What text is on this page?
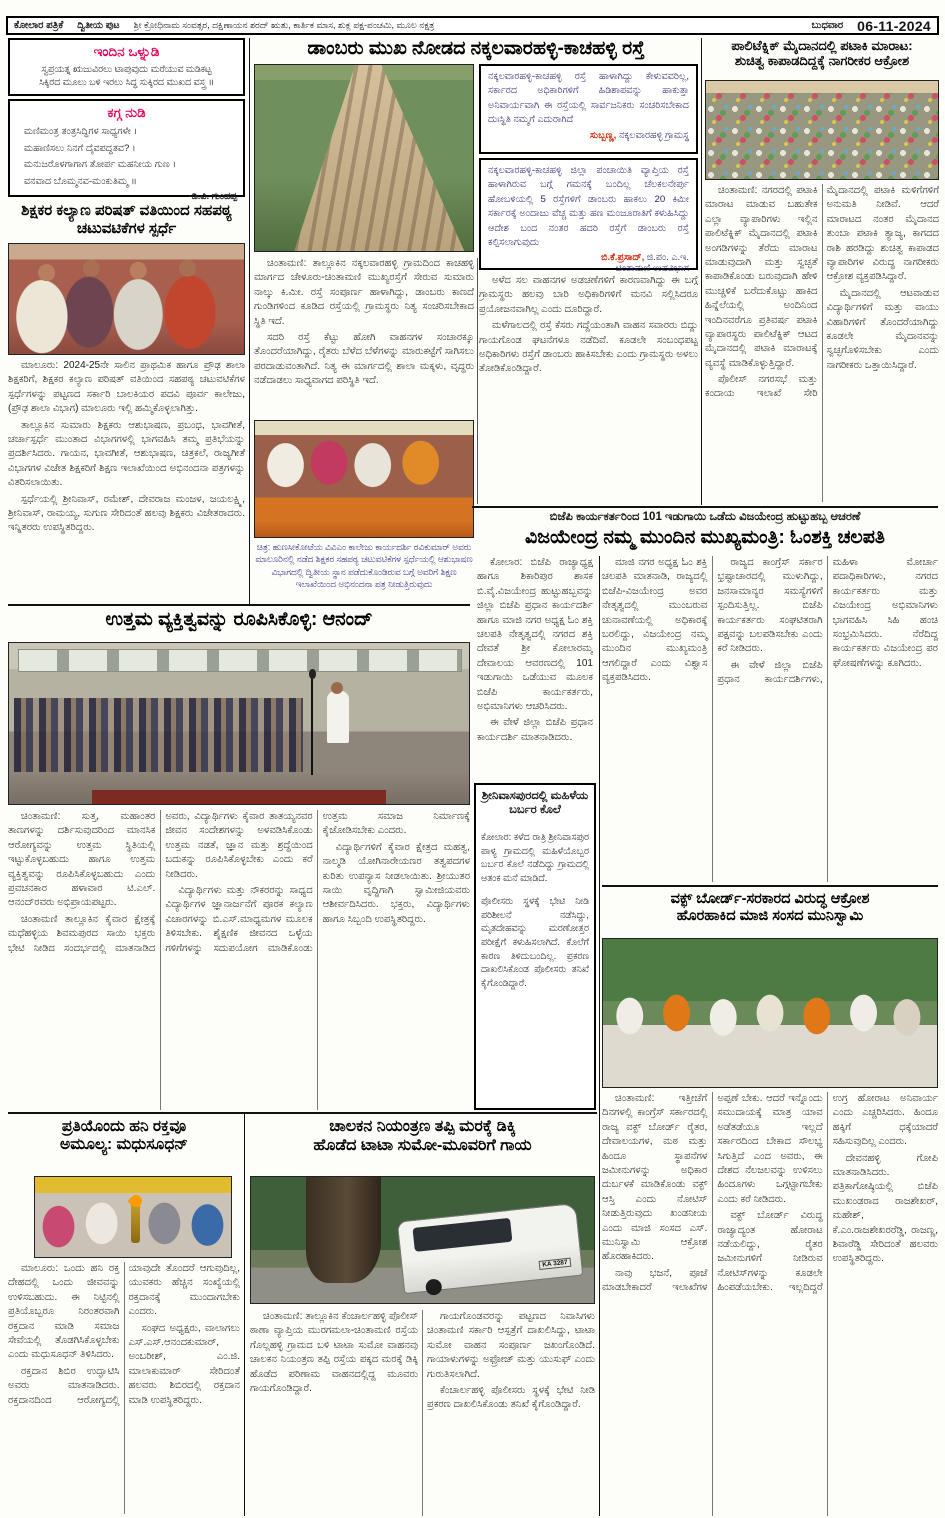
ಕೋಲಾರ ಪತ್ರಿಕೆ ದ್ವಿತೀಯ ಪುಟ ಶ್ರೀ ಕ್ರೋಧಿನಾಮ ಸಂವತ್ಸರ, ದಕ್ಷಿಣಾಯನ ಶರದ್ ಋತು, ಕಾರ್ತಿಕ ಮಾಸ, ಶುಕ್ಲ ಪಕ್ಷ-ಪಂಚಮಿ, ಮೂಲ ನಕ್ಷತ್ರ	ಬುಧವಾರ 06-11-2024
ಇಂದಿನ ಒಳ್ನುಡಿ
ಸ್ವಪ್ರಯತ್ನ ಋಜುವಿರಲು ಟಾಪುವುದು ಮರೆಯುವ ಮಡಿಕಟ್ಟ
ಸಿಕ್ಕಿರದ ಮೂಲು ಬಳಿ ಇರಲು ಸಿದ್ಧ ಸುಕ್ಕಿರದ ಮುಖದ ವಸ್ತ್ರ ॥
ಕಗ್ಗ ನುಡಿ
ಮಣಿಮಂತ್ರ ತಂತ್ರಸಿದ್ಧಿಗಳ ಸಾಧ್ಯಗಳೇ ।
ಮಹಾಣಿಸಲು ನಿನಗೆ ದೈವಪದ್ಧತವ? ।
ಮನುಜರೊಳಗಾಗಾಗ ತೋರ್ಪ ಮಹನೀಯ ಗುಣ ।
ವನವಾದ ಬೊಮ್ಮನವ-ಮಂಕುತಿಮ್ಮ ॥
-ಡಿ.ವಿ. ಗುಂಡಪ್ಪ
ಶಿಕ್ಷಕರ ಕಲ್ಯಾಣ ಪರಿಷತ್ ವತಿಯಿಂದ ಸಹಪಠ್ಯ ಚಟುವಟಿಕೆಗಳ ಸ್ಪರ್ಧೆ

ಮಾಲೂರು: 2024-25ನೇ ಸಾಲಿನ ಪ್ರಾಥಮಿಕ ಹಾಗೂ ಪ್ರೌಢ ಶಾಲಾ ಶಿಕ್ಷಕರಿಗೆ, ಶಿಕ್ಷಕರ ಕಲ್ಯಾಣ ಪರಿಷತ್ ವತಿಯಿಂದ ಸಹಪಠ್ಯ ಚಟುವಟಿಕೆಗಳ ಸ್ಪರ್ಧೆಗಳನ್ನು ಪಟ್ಟಣದ ಸರ್ಕಾರಿ ಬಾಲಕಿಯರ ಪದವಿ ಪೂರ್ವ ಕಾಲೇಜು, (ಪ್ರೌಢ ಶಾಲಾ ವಿಭಾಗ) ಮಾಲೂರು ಇಲ್ಲಿ ಹಮ್ಮಿಕೊಳ್ಳಲಾಗಿತ್ತು.

ತಾಲ್ಲೂಕಿನ ಸುಮಾರು ಶಿಕ್ಷಕರು ಆಶುಭಾಷಣ, ಪ್ರಬಂಧ, ಭಾವಗೀತೆ, ಚರ್ಚಾಸ್ಪರ್ಧೆ ಮುಂತಾದ ವಿಭಾಗಗಳಲ್ಲಿ ಭಾಗವಹಿಸಿ ತಮ್ಮ ಪ್ರತಿಭೆಯನ್ನು ಪ್ರದರ್ಶಿಸಿದರು. ಗಾಯನ, ಭಾವಗೀತೆ, ಆಶುಭಾಷಣ, ಚಿತ್ರಕಲೆ, ರಾಜ್ಯಗೀತೆ ವಿಭಾಗಗಳ ವಿಜೇತ ಶಿಕ್ಷಕರಿಗೆ ಶಿಕ್ಷಣ ಇಲಾಖೆಯಿಂದ ಅಭಿನಂದನಾ ಪತ್ರಗಳನ್ನು ವಿತರಿಸಲಾಯಿತು.

ಸ್ಪರ್ಧೆಯಲ್ಲಿ ಶ್ರೀನಿವಾಸ್, ರಮೇಶ್, ದೇವರಾಜ ಮಂಜಳ, ಜಯಲಕ್ಷ್ಮಿ, ಶ್ರೀನಿವಾಸ್, ರಾಮಯ್ಯ, ಸುಗುಣ ಸೇರಿದಂತೆ ಹಲವು ಶಿಕ್ಷಕರು ವಿಜೇತರಾದರು. ಇನ್ನಿತರರು ಉಪಸ್ಥಿತರಿದ್ದರು.

ಡಾಂಬರು ಮುಖ ನೋಡದ ನಕ್ಕಲವಾರಹಳ್ಳಿ-ಕಾಚಹಳ್ಳಿ ರಸ್ತೆ
ನಕ್ಕಲವಾರಹಳ್ಳಿ-ಕಾಚಹಳ್ಳಿ ರಸ್ತೆ ಹಾಳಾಗಿದ್ದು ಕೇಳುವವರಿಲ್ಲ, ಸರ್ಕಾರದ ಅಧಿಕಾರಿಗಳಿಗೆ ಹಿಡಿಶಾಪವನ್ನು ಹಾಕುತ್ತಾ ಅನಿವಾರ್ಯವಾಗಿ ಈ ರಸ್ತೆಯಲ್ಲಿ ಸಾರ್ವಜನಿಕರು ಸಂಚರಿಸಬೇಕಾದ ದುಃಸ್ಥಿತಿ ನಮ್ಮಗೆ ಎದುರಾಗಿದೆ
ಸುಬ್ಬಣ್ಣ, ನಕ್ಕಲವಾರಹಳ್ಳಿ ಗ್ರಾಮಸ್ಥ
ನಕ್ಕಲವಾರಹಳ್ಳಿ-ಕಾಚಹಳ್ಳಿ ಜಿಲ್ಲಾ ಪಂಚಾಯಿತಿ ವ್ಯಾಪ್ತಿಯ ರಸ್ತೆ ಹಾಳಾಗಿರುವ ಬಗ್ಗೆ ಗಮನಕ್ಕೆ ಬಂದಿಲ್ಲ ಚೆಲಕಲನೇರ್ಪು ಹೋಬಳಿಯಲ್ಲಿ 5 ರಸ್ತೆಗಳಿಗೆ ಡಾಂಬರು ಹಾಕಲು 20 ಕಿಮೀ ಸರ್ಕಾರಕ್ಕೆ ಅಂದಾಜು ವೆಚ್ಚ ಮತ್ತು ಹಣ ಮಂಜೂರಾತಿಗೆ ಕಳುಹಿಸಿದ್ದು ಆದೇಶ ಬಂದ ನಂತರ ಹದರಿ ರಸ್ತೆಗೆ ಡಾಂಬರು ರಸ್ತೆ ಕಲ್ಪಿಸಲಾಗುವುದು
ಬಿ.ಕೆ.ಪ್ರಸಾದ್, ಜಿ.ಪಂ. ಎ.ಇ.
ಚಿಂತಾಮಣಿ ಉಪವಿಭಾಗ

ಚಿಂತಾಮಣಿ: ತಾಲ್ಲೂಕಿನ ನಕ್ಕಲವಾರಹಳ್ಳಿ ಗ್ರಾಮದಿಂದ ಕಾಚಹಳ್ಳಿ ಮಾರ್ಗದ ಚೇಳೂರು-ಚಿಂತಾಮಣಿ ಮುಖ್ಯರಸ್ತೆಗೆ ಸೇರುವ ಸುಮಾರು ನಾಲ್ಕು ಕಿ.ಮೀ. ರಸ್ತೆ ಸಂಪೂರ್ಣ ಹಾಳಾಗಿದ್ದು, ಡಾಂಬರು ಕಾಣದೆ ಗುಂಡಿಗಳಿಂದ ಕೂಡಿದ ರಸ್ತೆಯಲ್ಲಿ ಗ್ರಾಮಸ್ಥರು ನಿತ್ಯ ಸಂಚರಿಸಬೇಕಾದ ಸ್ಥಿತಿ ಇದೆ.

ಸದರಿ ರಸ್ತೆ ಕೆಟ್ಟು ಹೋಗಿ ವಾಹನಗಳ ಸಂಚಾರಕ್ಕೂ ತೊಂದರೆಯಾಗಿದ್ದು, ರೈತರು ಬೆಳೆದ ಬೆಳೆಗಳನ್ನು ಮಾರುಕಟ್ಟೆಗೆ ಸಾಗಿಸಲು ಪರದಾಡುವಂತಾಗಿದೆ. ನಿತ್ಯ ಈ ಮಾರ್ಗದಲ್ಲಿ ಶಾಲಾ ಮಕ್ಕಳು, ವೃದ್ಧರು ನಡೆದಾಡಲು ಸಾಧ್ಯವಾಗದ ಪರಿಸ್ಥಿತಿ ಇದೆ.

ಅಳೆದ ಸಲ ವಾಹನಗಳ ಅಡಚಣೆಗಳಿಗೆ ಕಾರಣವಾಗಿದ್ದು ಈ ಬಗ್ಗೆ ಗ್ರಾಮಸ್ಥರು ಹಲವು ಬಾರಿ ಅಧಿಕಾರಿಗಳಿಗೆ ಮನವಿ ಸಲ್ಲಿಸಿದರೂ ಪ್ರಯೋಜನವಾಗಿಲ್ಲ ಎಂದು ದೂರಿದ್ದಾರೆ.

ಮಳೆಗಾಲದಲ್ಲಿ ರಸ್ತೆ ಕೆಸರು ಗದ್ದೆಯಂತಾಗಿ ವಾಹನ ಸವಾರರು ಬಿದ್ದು ಗಾಯಗೊಂಡ ಘಟನೆಗಳೂ ನಡೆದಿವೆ. ಕೂಡಲೇ ಸಂಬಂಧಪಟ್ಟ ಅಧಿಕಾರಿಗಳು ರಸ್ತೆಗೆ ಡಾಂಬರು ಹಾಕಿಸಬೇಕು ಎಂದು ಗ್ರಾಮಸ್ಥರು ಅಳಲು ತೋಡಿಕೊಂಡಿದ್ದಾರೆ.

ಚಿತ್ರ: ಹುಣಸೀಕೋಟೆಯ ವಿವಿಎಂ ಕಾಲೇಜು ಕಾರ್ಯದರ್ಶಿ ರವಿಕುಮಾರ್ ಅವರು ಮಾಲೂರಿನಲ್ಲಿ ನಡೆದ ಶಿಕ್ಷಕರ ಸಹಪಠ್ಯ ಚಟುವಟಿಕೆಗಳ ಸ್ಪರ್ಧೆಯಲ್ಲಿ ಆಶುಭಾಷಣ ವಿಭಾಗದಲ್ಲಿ ದ್ವಿತೀಯ ಸ್ಥಾನ ಪಡೆದುಕೊಂಡಿರುವ ಬಗ್ಗೆ ಅವರಿಗೆ ಶಿಕ್ಷಣ ಇಲಾಖೆಯಿಂದ ಅಭಿನಂದನಾ ಪತ್ರ ನೀಡುತ್ತಿರುವುದು
ಪಾಲಿಟೆಕ್ನಿಕ್ ಮೈದಾನದಲ್ಲಿ ಪಟಾಕಿ ಮಾರಾಟ:
ಶುಚಿತ್ವ ಕಾಪಾಡದಿದ್ದಕ್ಕೆ ನಾಗರೀಕರ ಆಕ್ರೋಶ

ಚಿಂತಾಮಣಿ: ನಗರದಲ್ಲಿ ಪಟಾಕಿ ಮಾರಾಟ ಮಾಡುವ ಬಹುತೇಕ ಎಲ್ಲಾ ವ್ಯಾಪಾರಿಗಳು ಇಲ್ಲಿನ ಪಾಲಿಟೆಕ್ನಿಕ್ ಮೈದಾನದಲ್ಲಿ ಪಟಾಕಿ ಅಂಗಡಿಗಳನ್ನು ತೆರೆದು ಮಾರಾಟ ಮಾಡುವುದಾಗಿ ಮತ್ತು ಸ್ವಚ್ಛತೆ ಕಾಪಾಡಿಕೊಂಡು ಬರುವುದಾಗಿ ಹೇಳಿ ಮುಚ್ಚಳಿಕೆ ಬರೆದುಕೊಟ್ಟು ಹಾಕಿದ ಹಿನ್ನೆಲೆಯಲ್ಲಿ ಅಂದಿನಿಂದ ಇಂದಿನವರೆಗೂ ಪ್ರತಿವರ್ಷ ಪಟಾಕಿ ವ್ಯಾಪಾರಸ್ಥರು ಪಾಲಿಟೆಕ್ನಿಕ್ ಆಟದ ಮೈದಾನದಲ್ಲಿ ಪಟಾಕಿ ಮಾರಾಟಕ್ಕೆ ವ್ಯವಸ್ಥೆ ಮಾಡಿಕೊಳ್ಳುತ್ತಿದ್ದಾರೆ.

ಪೊಲೀಸ್ ನಗರಸಭೆ ಮತ್ತು ಕಂದಾಯ ಇಲಾಖೆ ಸೇರಿ ಮೈದಾನದಲ್ಲಿ ಪಟಾಕಿ ಮಳಿಗೆಗಳಿಗೆ ಅನುಮತಿ ನೀಡಿವೆ. ಆದರೆ ಮಾರಾಟದ ನಂತರ ಮೈದಾನದ ತುಂಬಾ ಪಟಾಕಿ ತ್ಯಾಜ್ಯ, ಕಾಗದದ ರಾಶಿ ಹರಡಿದ್ದು ಶುಚಿತ್ವ ಕಾಪಾಡದ ವ್ಯಾಪಾರಿಗಳ ವಿರುದ್ಧ ನಾಗರೀಕರು ಆಕ್ರೋಶ ವ್ಯಕ್ತಪಡಿಸಿದ್ದಾರೆ.

ಮೈದಾನದಲ್ಲಿ ಆಟವಾಡುವ ವಿದ್ಯಾರ್ಥಿಗಳಿಗೆ ಮತ್ತು ವಾಯು ವಿಹಾರಿಗಳಿಗೆ ತೊಂದರೆಯಾಗಿದ್ದು ಕೂಡಲೇ ಮೈದಾನವನ್ನು ಸ್ವಚ್ಛಗೊಳಿಸಬೇಕು ಎಂದು ನಾಗರೀಕರು ಒತ್ತಾಯಿಸಿದ್ದಾರೆ.

ಬಿಜೆಪಿ ಕಾರ್ಯಕರ್ತರಿಂದ 101 ಇಡುಗಾಯಿ ಒಡೆದು ವಿಜಯೇಂದ್ರ ಹುಟ್ಟುಹಬ್ಬ ಆಚರಣೆ
ವಿಜಯೇಂದ್ರ ನಮ್ಮ ಮುಂದಿನ ಮುಖ್ಯಮಂತ್ರಿ: ಓಂಶಕ್ತಿ ಚಲಪತಿ

ಕೋಲಾರ: ಬಿಜೆಪಿ ರಾಜ್ಯಾಧ್ಯಕ್ಷ ಹಾಗೂ ಶಿಕಾರಿಪುರ ಶಾಸಕ ಬಿ.ವೈ.ವಿಜಯೇಂದ್ರ ಹುಟ್ಟುಹಬ್ಬವನ್ನು ಜಿಲ್ಲಾ ಬಿಜೆಪಿ ಪ್ರಧಾನ ಕಾರ್ಯದರ್ಶಿ ಹಾಗೂ ಮಾಜಿ ನಗರ ಅಧ್ಯಕ್ಷ ಓಂ ಶಕ್ತಿ ಚಲಪತಿ ನೇತೃತ್ವದಲ್ಲಿ ನಗರದ ಶಕ್ತಿ ದೇವತೆ ಶ್ರೀ ಕೋಲಾರಮ್ಮ ದೇವಾಲಯ ಆವರಣದಲ್ಲಿ 101 ಇಡುಗಾಯಿ ಒಡೆಯುವ ಮೂಲಕ ಬಿಜೆಪಿ ಕಾರ್ಯಕರ್ತರು, ಅಭಿಮಾನಿಗಳು ಆಚರಿಸಿದರು.

ಈ ವೇಳೆ ಜಿಲ್ಲಾ ಬಿಜೆಪಿ ಪ್ರಧಾನ ಕಾರ್ಯದರ್ಶಿ ಮಾತನಾಡಿದರು.

ಮಾಜಿ ನಗರ ಅಧ್ಯಕ್ಷ ಓಂ ಶಕ್ತಿ ಚಲಪತಿ ಮಾತನಾಡಿ, ರಾಜ್ಯದಲ್ಲಿ ಬಿಜೆಪಿ-ವಿಜಯೇಂದ್ರ ಅವರ ನೇತೃತ್ವದಲ್ಲಿ ಮುಂಬರುವ ಚುನಾವಣೆಯಲ್ಲಿ ಅಧಿಕಾರಕ್ಕೆ ಬರಲಿದ್ದು, ವಿಜಯೇಂದ್ರ ನಮ್ಮ ಮುಂದಿನ ಮುಖ್ಯಮಂತ್ರಿ ಆಗಲಿದ್ದಾರೆ ಎಂದು ವಿಶ್ವಾಸ ವ್ಯಕ್ತಪಡಿಸಿದರು.

ರಾಜ್ಯದ ಕಾಂಗ್ರೆಸ್ ಸರ್ಕಾರ ಭ್ರಷ್ಟಾಚಾರದಲ್ಲಿ ಮುಳುಗಿದ್ದು, ಜನಸಾಮಾನ್ಯರ ಸಮಸ್ಯೆಗಳಿಗೆ ಸ್ಪಂದಿಸುತ್ತಿಲ್ಲ. ಬಿಜೆಪಿ ಕಾರ್ಯಕರ್ತರು ಸಂಘಟಿತರಾಗಿ ಪಕ್ಷವನ್ನು ಬಲಪಡಿಸಬೇಕು ಎಂದು ಕರೆ ನೀಡಿದರು.

ಈ ವೇಳೆ ಜಿಲ್ಲಾ ಬಿಜೆಪಿ ಪ್ರಧಾನ ಕಾರ್ಯದರ್ಶಿಗಳು, ಮಹಿಳಾ ಮೋರ್ಚಾ ಪದಾಧಿಕಾರಿಗಳು, ನಗರದ ಕಾರ್ಯಕರ್ತರು ಮತ್ತು ವಿಜಯೇಂದ್ರ ಅಭಿಮಾನಿಗಳು ಭಾಗವಹಿಸಿ ಸಿಹಿ ಹಂಚಿ ಸಂಭ್ರಮಿಸಿದರು. ನೆರೆದಿದ್ದ ಕಾರ್ಯಕರ್ತರು ವಿಜಯೇಂದ್ರ ಪರ ಘೋಷಣೆಗಳನ್ನು ಕೂಗಿದರು.

ಶ್ರೀನಿವಾಸಪುರದಲ್ಲಿ ಮಹಿಳೆಯ ಬರ್ಬರ ಕೊಲೆ

ಕೋಲಾರ: ಕಳೆದ ರಾತ್ರಿ ಶ್ರೀನಿವಾಸಪುರ ಪಾಳ್ಯ ಗ್ರಾಮದಲ್ಲಿ ಮಹಿಳೆಯೊಬ್ಬರ ಬರ್ಬರ ಕೊಲೆ ನಡೆದಿದ್ದು ಗ್ರಾಮದಲ್ಲಿ ಆತಂಕ ಮನೆ ಮಾಡಿದೆ.

ಪೊಲೀಸರು ಸ್ಥಳಕ್ಕೆ ಭೇಟಿ ನೀಡಿ ಪರಿಶೀಲನೆ ನಡೆಸಿದ್ದು, ಮೃತದೇಹವನ್ನು ಮರಣೋತ್ತರ ಪರೀಕ್ಷೆಗೆ ಕಳುಹಿಸಲಾಗಿದೆ. ಕೊಲೆಗೆ ಕಾರಣ ತಿಳಿದುಬಂದಿಲ್ಲ. ಪ್ರಕರಣ ದಾಖಲಿಸಿಕೊಂಡ ಪೊಲೀಸರು ತನಿಖೆ ಕೈಗೊಂಡಿದ್ದಾರೆ.

ಉತ್ತಮ ವ್ಯಕ್ತಿತ್ವವನ್ನು ರೂಪಿಸಿಕೊಳ್ಳಿ: ಆನಂದ್

ಚಿಂತಾಮಣಿ: ಸುತ್ತ, ಮಹಾಂತರ ತಾಣಗಳನ್ನು ದರ್ಶಿಸುವುದರಿಂದ ಮಾನಸಿಕ ಆರೋಗ್ಯವನ್ನು ಉತ್ತಮ ಸ್ಥಿತಿಯಲ್ಲಿ ಇಟ್ಟುಕೊಳ್ಳಬಹುದು ಹಾಗೂ ಉತ್ತಮ ವ್ಯಕ್ತಿತ್ವವನ್ನು ರೂಪಿಸಿಕೊಳ್ಳಬಹುದು ಎಂದು ಪ್ರವಚನಕಾರ ಹಳಾವಾರ ಟಿ.ಎಲ್. ಆನಂದ್‌ರವರು ಅಭಿಪ್ರಾಯಪಟ್ಟರು.

ಚಿಂತಾಮಣಿ ತಾಲ್ಲೂಕಿನ ಕೈವಾರ ಕ್ಷೇತ್ರಕ್ಕೆ ಮಧೆಹಳ್ಳಿಯ ಶಿವಮಪುರದ ಸಾಯಿ ಭಕ್ತರು ಭೇಟಿ ನೀಡಿದ ಸಂದರ್ಭದಲ್ಲಿ ಮಾತನಾಡಿದ ಅವರು, ವಿದ್ಯಾರ್ಥಿಗಳು ಕೈವಾರ ತಾತಯ್ಯನವರ ಜೀವನ ಸಂದೇಶಗಳನ್ನು ಅಳವಡಿಸಿಕೊಂಡು ಉತ್ತಮ ನಡತೆ, ಜ್ಞಾನ ಮತ್ತು ಶ್ರದ್ಧೆಯಿಂದ ಬದುಕನ್ನು ರೂಪಿಸಿಕೊಳ್ಳಬೇಕು ಎಂದು ಕರೆ ನೀಡಿದರು.

ವಿದ್ಯಾರ್ಥಿಗಳು ಮತ್ತು ನೌಕರರನ್ನು ಸಾಧ್ಯದ ವಿದ್ಯಾರ್ಥಿಗಳ ಜ್ಞಾನಾರ್ಜನೆಗೆ ಪೂರಕ ಕಲ್ಯಾಣ ವಿಚಾರಗಳನ್ನು ಬಿ.ಎಸ್.ಮಾಧ್ಯಮಗಳ ಮೂಲಕ ತಿಳಿಸಬೇಕು. ಶೈಕ್ಷಣಿಕ ಜೀವನದ ಒಳ್ಳೆಯ ಗಳಿಗೆಗಳನ್ನು ಸದುಪಯೋಗ ಮಾಡಿಕೊಂಡು ಉತ್ತಮ ಸಮಾಜ ನಿರ್ಮಾಣಕ್ಕೆ ಕೈಜೋಡಿಸಬೇಕು ಎಂದರು.

ವಿದ್ಯಾರ್ಥಿಗಳಿಗೆ ಕೈವಾರ ಕ್ಷೇತ್ರದ ಮಹತ್ವ, ನಾಲ್ಮಡಿ ಯೋಗಿನಾರೇಯಣರ ತತ್ವಪದಗಳ ಕುರಿತು ಉಪನ್ಯಾಸ ನೀಡಲಾಯಿತು. ಶ್ರೀಯುತರ ಸಾಯಿ ವೃದ್ಧಿಗಾಗಿ ಸ್ವಾಮೀಜಿಯವರು ಆಶೀರ್ವದಿಸಿದರು. ಭಕ್ತರು, ವಿದ್ಯಾರ್ಥಿಗಳು ಹಾಗೂ ಸಿಬ್ಬಂದಿ ಉಪಸ್ಥಿತರಿದ್ದರು.

ವಕ್ಫ್ ಬೋರ್ಡ್-ಸರಕಾರದ ವಿರುದ್ಧ ಆಕ್ರೋಶ
ಹೊರಹಾಕಿದ ಮಾಜಿ ಸಂಸದ ಮುನಿಸ್ವಾಮಿ

ಚಿಂತಾಮಣಿ: ಇತ್ತೀಚೆಗೆ ದಿನಗಳಲ್ಲಿ ಕಾಂಗ್ರೆಸ್ ಸರ್ಕಾರದಲ್ಲಿ ರಾಜ್ಯ ವಕ್ಫ್ ಬೋರ್ಡ್ ರೈತರ, ದೇವಾಲಯಗಳ, ಮಠ ಮತ್ತು ಹಿಂದೂ ಸ್ಥಾಪನೆಗಳ ಜಮೀನುಗಳನ್ನು ಅಧಿಕಾರ ದುರ್ಬಳಕೆ ಮಾಡಿಕೊಂಡು ವಕ್ಫ್ ಆಸ್ತಿ ಎಂದು ನೋಟಿಸ್ ನೀಡುತ್ತಿರುವುದು ಖಂಡನೀಯ ಎಂದು ಮಾಜಿ ಸಂಸದ ಎಸ್. ಮುನಿಸ್ವಾಮಿ ಆಕ್ರೋಶ ಹೊರಹಾಕಿದರು.

ನಾವು ಭಜನೆ, ಪೂಜೆ ಮಾಡಬೇಕಾದರೆ ಇಲಾಖೆಗಳ ಅಪ್ಪಣೆ ಬೇಕು. ಆದರೆ ಇನ್ನೊಂದು ಸಮುದಾಯಕ್ಕೆ ಮಾತ್ರ ಯಾವ ಅಡೆತಡೆಯೂ ಇಲ್ಲದೆ ಸರ್ಕಾರದಿಂದ ಬೇಕಾದ ಸೌಲಭ್ಯ ಸಿಗುತ್ತಿದೆ ಎಂದ ಅವರು, ಈ ದೇಶದ ನೆಲಜಲವನ್ನು ಉಳಿಸಲು ಹಿಂದೂಗಳು ಒಗ್ಗಟ್ಟಾಗಬೇಕು ಎಂದು ಕರೆ ನೀಡಿದರು.

ವಕ್ಫ್ ಬೋರ್ಡ್ ವಿರುದ್ಧ ರಾಜ್ಯಾದ್ಯಂತ ಹೋರಾಟ ನಡೆಯಲಿದ್ದು, ರೈತರ ಜಮೀನುಗಳಿಗೆ ನೀಡಿರುವ ನೋಟಿಸ್‌ಗಳನ್ನು ಕೂಡಲೇ ಹಿಂಪಡೆಯಬೇಕು. ಇಲ್ಲದಿದ್ದರೆ ಉಗ್ರ ಹೋರಾಟ ಅನಿವಾರ್ಯ ಎಂದು ಎಚ್ಚರಿಸಿದರು. ಹಿಂದೂ ಹಕ್ಕಿಗೆ ಧಕ್ಕೆಯಾದರೆ ಸಹಿಸುವುದಿಲ್ಲ ಎಂದರು.

ದೇವನಹಳ್ಳಿ ಗೋಪಿ ಮಾತನಾಡಿಸಿದರು. ಪತ್ರಿಕಾಗೋಷ್ಠಿಯಲ್ಲಿ ಬಿಜೆಪಿ ಮುಖಂಡರಾದ ರಾಜಶೇಖರ್, ಮಹೇಶ್, ಕೆ.ಎಂ.ರಾಜಶೇಖರರೆಡ್ಡಿ, ರಾಜಣ್ಣ, ಶಿವಾರೆಡ್ಡಿ ಸೇರಿದಂತೆ ಹಲವರು ಉಪಸ್ಥಿತರಿದ್ದರು.

ಪ್ರತಿಯೊಂದು ಹನಿ ರಕ್ತವೂ
ಅಮೂಲ್ಯ: ಮಧುಸೂಧನ್

ಮಾಲೂರು: ಒಂದು ಹನಿ ರಕ್ತ ದೇಹದಲ್ಲಿ ಒಂದು ಜೀವವನ್ನು ಉಳಿಸಬಹುದು. ಈ ನಿಟ್ಟಿನಲ್ಲಿ ಪ್ರತಿಯೊಬ್ಬರೂ ನಿರಂತರವಾಗಿ ರಕ್ತದಾನ ಮಾಡಿ ಸಮಾಜ ಸೇವೆಯಲ್ಲಿ ತೊಡಗಿಸಿಕೊಳ್ಳಬೇಕು ಎಂದು ಮಧುಸೂಧನ್ ತಿಳಿಸಿದರು.

ರಕ್ತದಾನ ಶಿಬಿರ ಉದ್ಘಾಟಿಸಿ ಅವರು ಮಾತನಾಡಿದರು. ರಕ್ತದಾನದಿಂದ ಆರೋಗ್ಯದಲ್ಲಿ ಯಾವುದೇ ತೊಂದರೆ ಆಗುವುದಿಲ್ಲ, ಯುವಕರು ಹೆಚ್ಚಿನ ಸಂಖ್ಯೆಯಲ್ಲಿ ರಕ್ತದಾನಕ್ಕೆ ಮುಂದಾಗಬೇಕು ಎಂದರು.

ಸಂಘದ ಅಧ್ಯಕ್ಷರು, ವಾಲಾಗಲು ಎಸ್.ಎಸ್.ಆನಂದಕುಮಾರ್, ಅಂಬರೀಶ್, ಎಂ.ಜಿ. ಮಾಲಾಕುಮಾರ್ ಸೇರಿದಂತೆ ಹಲವರು ಶಿಬಿರದಲ್ಲಿ ರಕ್ತದಾನ ಮಾಡಿ ಉಪಸ್ಥಿತರಿದ್ದರು.

ಚಾಲಕನ ನಿಯಂತ್ರಣ ತಪ್ಪಿ ಮರಕ್ಕೆ ಡಿಕ್ಕಿ
ಹೊಡೆದ ಟಾಟಾ ಸುಮೋ-ಮೂವರಿಗೆ ಗಾಯ
KA 3287

ಚಿಂತಾಮಣಿ: ತಾಲ್ಲೂಕಿನ ಕೆಂಚಾರ್ಲಹಳ್ಳಿ ಪೊಲೀಸ್ ಠಾಣಾ ವ್ಯಾಪ್ತಿಯ ಮುರಗಮಲಾ-ಚಿಂತಾಮಣಿ ರಸ್ತೆಯ ಗೊಲ್ಲಹಳ್ಳಿ ಗ್ರಾಮದ ಬಳಿ ಟಾಟಾ ಸುಮೋ ವಾಹನವು ಚಾಲಕನ ನಿಯಂತ್ರಣ ತಪ್ಪಿ ರಸ್ತೆಯ ಪಕ್ಕದ ಮರಕ್ಕೆ ಡಿಕ್ಕಿ ಹೊಡೆದ ಪರಿಣಾಮ ವಾಹನದಲ್ಲಿದ್ದ ಮೂವರು ಗಾಯಗೊಂಡಿದ್ದಾರೆ.

ಗಾಯಗೊಂಡವರನ್ನು ಪಟ್ಟಣದ ನಿವಾಸಿಗಳು ಚಿಂತಾಮಣಿ ಸರ್ಕಾರಿ ಆಸ್ಪತ್ರೆಗೆ ದಾಖಲಿಸಿದ್ದು, ಟಾಟಾ ಸುಮೋ ವಾಹನ ಸಂಪೂರ್ಣ ಜಖಂಗೊಂಡಿದೆ. ಗಾಯಾಳುಗಳನ್ನು ಅಫ್ರೋಜ್ ಮತ್ತು ಯುಸುಫ್ ಎಂದು ಗುರುತಿಸಲಾಗಿದೆ.

ಕೆಂಚಾರ್ಲಹಳ್ಳಿ ಪೊಲೀಸರು ಸ್ಥಳಕ್ಕೆ ಭೇಟಿ ನೀಡಿ ಪ್ರಕರಣ ದಾಖಲಿಸಿಕೊಂಡು ತನಿಖೆ ಕೈಗೊಂಡಿದ್ದಾರೆ.
